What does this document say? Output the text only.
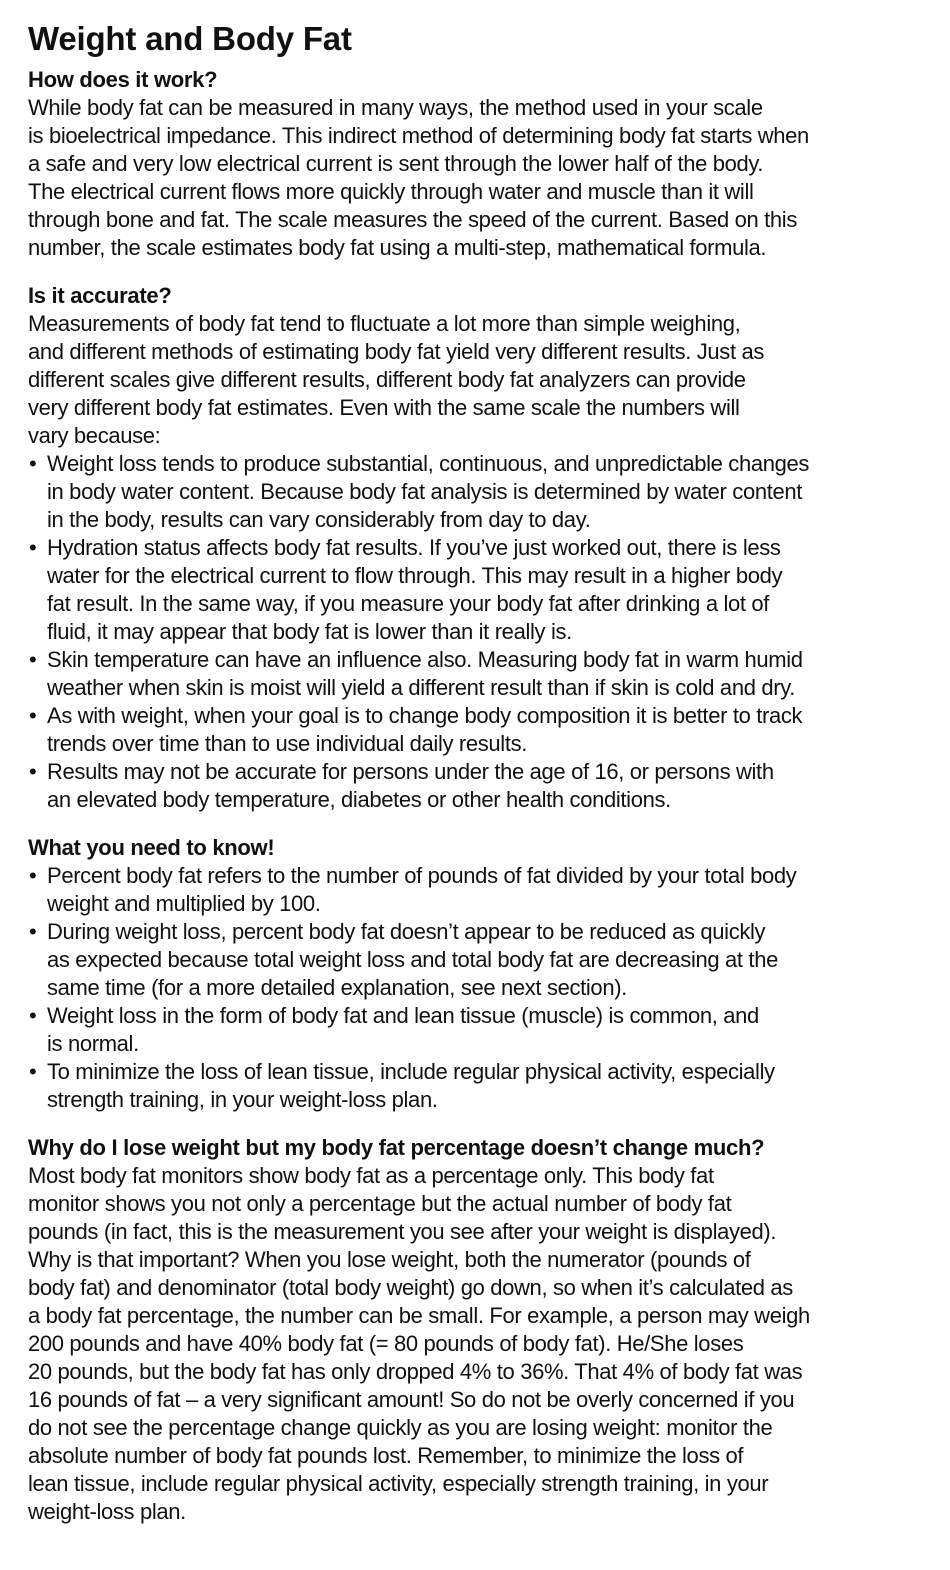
Weight and Body Fat
How does it work?
While body fat can be measured in many ways, the method used in your scale
is bioelectrical impedance. This indirect method of determining body fat starts when
a safe and very low electrical current is sent through the lower half of the body.
The electrical current flows more quickly through water and muscle than it will
through bone and fat. The scale measures the speed of the current. Based on this
number, the scale estimates body fat using a multi-step, mathematical formula.
Is it accurate?
Measurements of body fat tend to fluctuate a lot more than simple weighing,
and different methods of estimating body fat yield very different results. Just as
different scales give different results, different body fat analyzers can provide
very different body fat estimates. Even with the same scale the numbers will
vary because:
• Weight loss tends to produce substantial, continuous, and unpredictable changes
in body water content. Because body fat analysis is determined by water content
in the body, results can vary considerably from day to day.
• Hydration status affects body fat results. If you’ve just worked out, there is less
water for the electrical current to flow through. This may result in a higher body
fat result. In the same way, if you measure your body fat after drinking a lot of
fluid, it may appear that body fat is lower than it really is.
• Skin temperature can have an influence also. Measuring body fat in warm humid
weather when skin is moist will yield a different result than if skin is cold and dry.
• As with weight, when your goal is to change body composition it is better to track
trends over time than to use individual daily results.
• Results may not be accurate for persons under the age of 16, or persons with
an elevated body temperature, diabetes or other health conditions.
What you need to know!
• Percent body fat refers to the number of pounds of fat divided by your total body
weight and multiplied by 100.
• During weight loss, percent body fat doesn’t appear to be reduced as quickly
as expected because total weight loss and total body fat are decreasing at the
same time (for a more detailed explanation, see next section).
• Weight loss in the form of body fat and lean tissue (muscle) is common, and
is normal.
• To minimize the loss of lean tissue, include regular physical activity, especially
strength training, in your weight-loss plan.
Why do I lose weight but my body fat percentage doesn’t change much?
Most body fat monitors show body fat as a percentage only. This body fat
monitor shows you not only a percentage but the actual number of body fat
pounds (in fact, this is the measurement you see after your weight is displayed).
Why is that important? When you lose weight, both the numerator (pounds of
body fat) and denominator (total body weight) go down, so when it’s calculated as
a body fat percentage, the number can be small. For example, a person may weigh
200 pounds and have 40% body fat (= 80 pounds of body fat). He/She loses
20 pounds, but the body fat has only dropped 4% to 36%. That 4% of body fat was
16 pounds of fat – a very significant amount! So do not be overly concerned if you
do not see the percentage change quickly as you are losing weight: monitor the
absolute number of body fat pounds lost. Remember, to minimize the loss of
lean tissue, include regular physical activity, especially strength training, in your
weight-loss plan.
